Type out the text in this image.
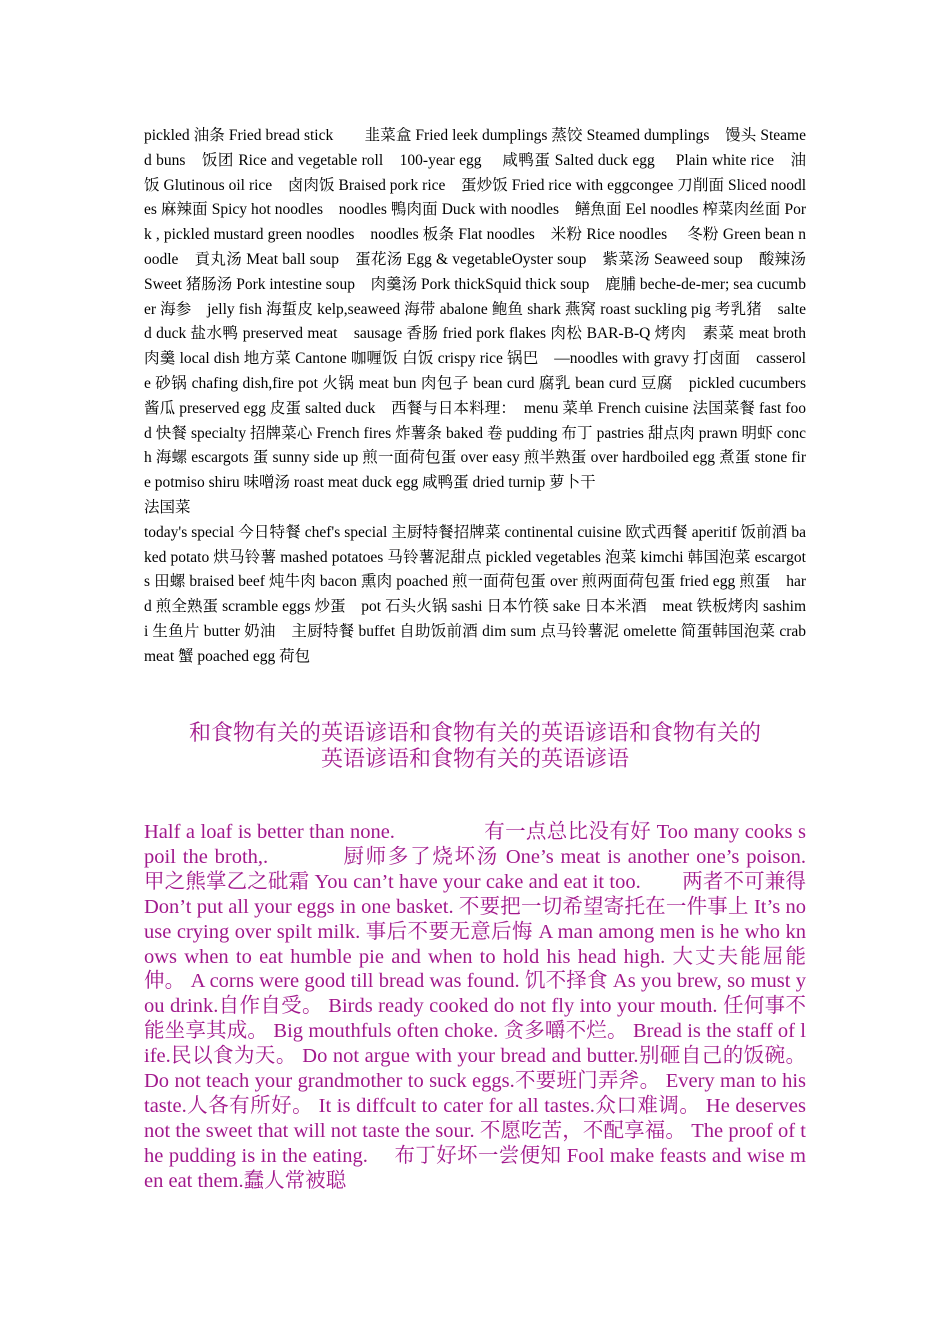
pickled 油条 Fried bread stick　　韭菜盒 Fried leek dumplings 蒸饺 Steamed dumplings　馒头 Steamed buns　饭团 Rice and vegetable roll　100-year egg　 咸鸭蛋 Salted duck egg　 Plain white rice　油饭 Glutinous oil rice　卤肉饭 Braised pork rice　蛋炒饭 Fried rice with eggcongee 刀削面 Sliced noodles 麻辣面 Spicy hot noodles　noodles 鴨肉面 Duck with noodles　鳝魚面 Eel noodles 榨菜肉丝面 Pork , pickled mustard green noodles　noodles 板条 Flat noodles　米粉 Rice noodles　 冬粉 Green bean noodle　貢丸汤 Meat ball soup　蛋花汤 Egg & vegetableOyster soup　紫菜汤 Seaweed soup　酸辣汤 Sweet 猪肠汤 Pork intestine soup　肉羹汤 Pork thickSquid thick soup　鹿脯 beche-de-mer; sea cucumber 海参　jelly fish 海蜇皮 kelp,seaweed 海带 abalone 鲍鱼 shark 燕窝 roast suckling pig 考乳猪　salted duck 盐水鸭 preserved meat　sausage 香肠 fried pork flakes 肉松 BAR-B-Q 烤肉　素菜 meat broth 肉羹 local dish 地方菜 Cantone 咖喱饭 白饭 crispy rice 锅巴　—noodles with gravy 打卤面　casserole 砂锅 chafing dish,fire pot 火锅 meat bun 肉包子 bean curd 腐乳 bean curd 豆腐　pickled cucumbers 酱瓜 preserved egg 皮蛋 salted duck　西餐与日本料理：　menu 菜单 French cuisine 法国菜餐 fast food 快餐 specialty 招牌菜心 French fires 炸薯条 baked 卷 pudding 布丁 pastries 甜点肉 prawn 明虾 conch 海螺 escargots 蛋 sunny side up 煎一面荷包蛋 over easy 煎半熟蛋 over hardboiled egg 煮蛋 stone fire potmiso shiru 味噌汤 roast meat duck egg 咸鸭蛋 dried turnip 萝卜干

法国菜

today's special 今日特餐 chef's special 主厨特餐招牌菜 continental cuisine 欧式西餐 aperitif 饭前酒 baked potato 烘马铃薯 mashed potatoes 马铃薯泥甜点 pickled vegetables 泡菜 kimchi 韩国泡菜 escargots 田螺 braised beef 炖牛肉 bacon 熏肉 poached 煎一面荷包蛋 over 煎两面荷包蛋 fried egg 煎蛋　hard 煎全熟蛋 scramble eggs 炒蛋　pot 石头火锅 sashi 日本竹筷 sake 日本米酒　meat 铁板烤肉 sashimi 生鱼片 butter 奶油　主厨特餐 buffet 自助饭前酒 dim sum 点马铃薯泥 omelette 简蛋韩国泡菜 crab meat 蟹 poached egg 荷包

和食物有关的英语谚语和食物有关的英语谚语和食物有关的
英语谚语和食物有关的英语谚语

Half a loaf is better than none.　　　　 有一点总比没有好 Too many cooks spoil the broth,.　　　 厨师多了烧坏汤 One’s meat is another one’s poison.　　 甲之熊掌乙之砒霜 You can’t have your cake and eat it too.　　两者不可兼得 Don’t put all your eggs in one basket. 不要把一切希望寄托在一件事上 It’s no use crying over spilt milk. 事后不要无意后悔 A man among men is he who knows when to eat humble pie and when to hold his head high. 大丈夫能屈能伸。 A corns were good till bread was found. 饥不择食 As you brew, so must you drink.自作自受。 Birds ready cooked do not fly into your mouth. 任何事不能坐享其成。 Big mouthfuls often choke. 贪多嚼不烂。 Bread is the staff of life.民以食为天。 Do not argue with your bread and butter.别砸自己的饭碗。 Do not teach your grandmother to suck eggs.不要班门弄斧。 Every man to his taste.人各有所好。 It is diffcult to cater for all tastes.众口难调。 He deserves not the sweet that will not taste the sour. 不愿吃苦，不配享福。 The proof of the pudding is in the eating.　 布丁好坏一尝便知 Fool make feasts and wise men eat them.蠢人常被聪
